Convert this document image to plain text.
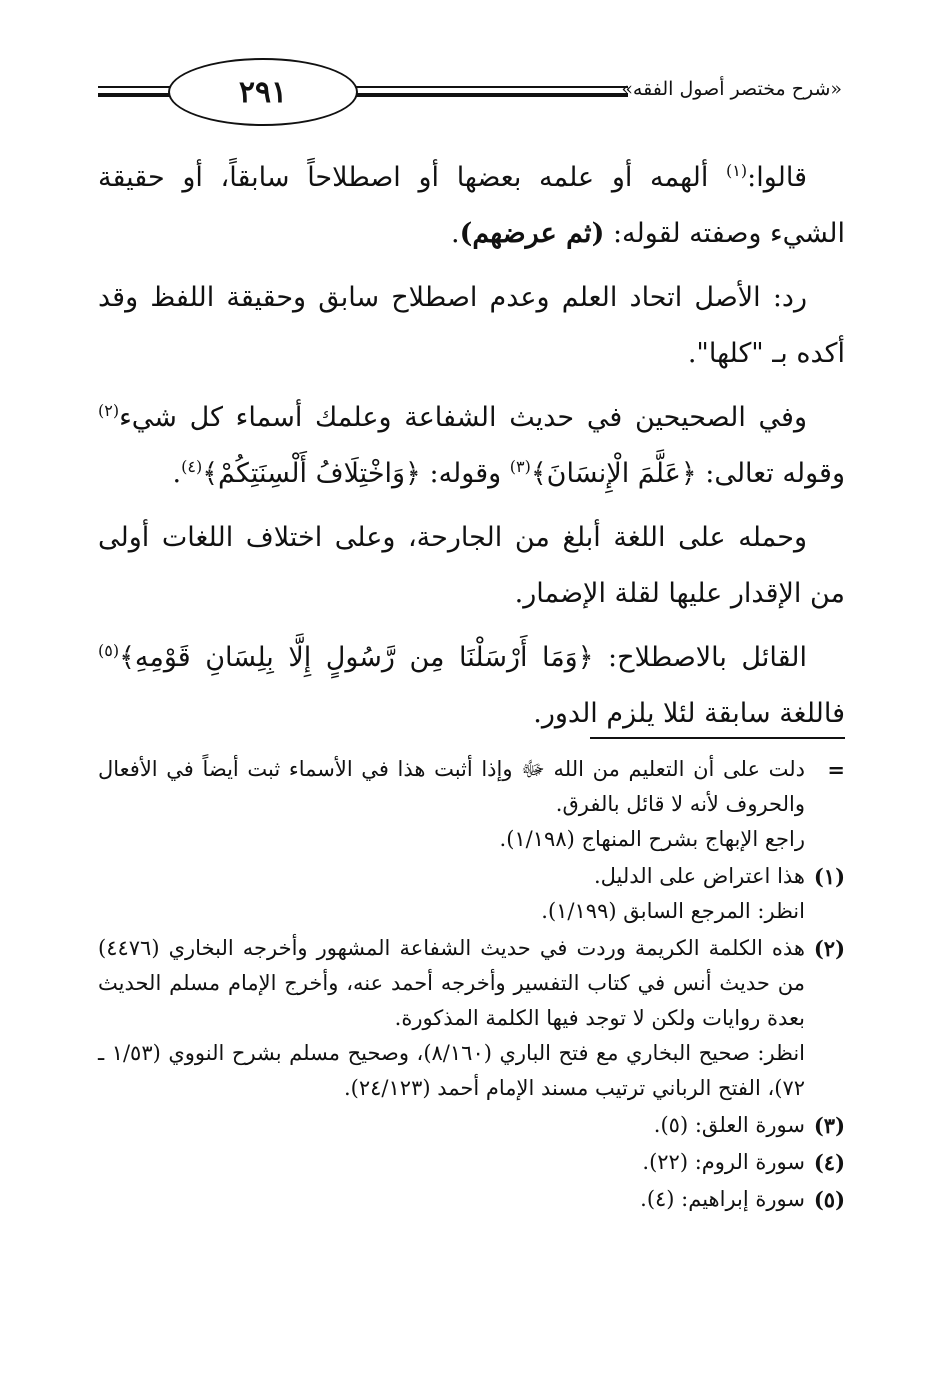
٢٩١	«شرح مختصر أصول الفقه»

قالوا:$^{(١)}$ ألهمه أو علمه بعضها أو اصطلاحاً سابقاً، أو حقيقة الشيء وصفته لقوله: (ثم عرضهم).

رد: الأصل اتحاد العلم وعدم اصطلاح سابق وحقيقة اللفظ وقد أكده بـ "كلها".

وفي الصحيحين في حديث الشفاعة وعلمك أسماء كل شيء$^{(٢)}$ وقوله تعالى: ﴿عَلَّمَ الْإِنسَانَ﴾$^{(٣)}$ وقوله: ﴿وَاخْتِلَافُ أَلْسِنَتِكُمْ﴾$^{(٤)}$.

وحمله على اللغة أبلغ من الجارحة، وعلى اختلاف اللغات أولى من الإقدار عليها لقلة الإضمار.

القائل بالاصطلاح: ﴿وَمَا أَرْسَلْنَا مِن رَّسُولٍ إِلَّا بِلِسَانِ قَوْمِهِ﴾$^{(٥)}$ فاللغة سابقة لئلا يلزم الدور.

=
دلت على أن التعليم من الله ﷻ وإذا أثبت هذا في الأسماء ثبت أيضاً في الأفعال والحروف لأنه لا قائل بالفرق.
راجع الإبهاج بشرح المنهاج (١/١٩٨).
(١)
هذا اعتراض على الدليل.
انظر: المرجع السابق (١/١٩٩).
(٢)
هذه الكلمة الكريمة وردت في حديث الشفاعة المشهور وأخرجه البخاري (٤٤٧٦) من حديث أنس في كتاب التفسير وأخرجه أحمد عنه، وأخرج الإمام مسلم الحديث بعدة روايات ولكن لا توجد فيها الكلمة المذكورة.
انظر: صحيح البخاري مع فتح الباري (٨/١٦٠)، وصحيح مسلم بشرح النووي (١/٥٣ ـ ٧٢)، الفتح الرباني ترتيب مسند الإمام أحمد (٢٤/١٢٣).
(٣)
سورة العلق: (٥).
(٤)
سورة الروم: (٢٢).
(٥)
سورة إبراهيم: (٤).
